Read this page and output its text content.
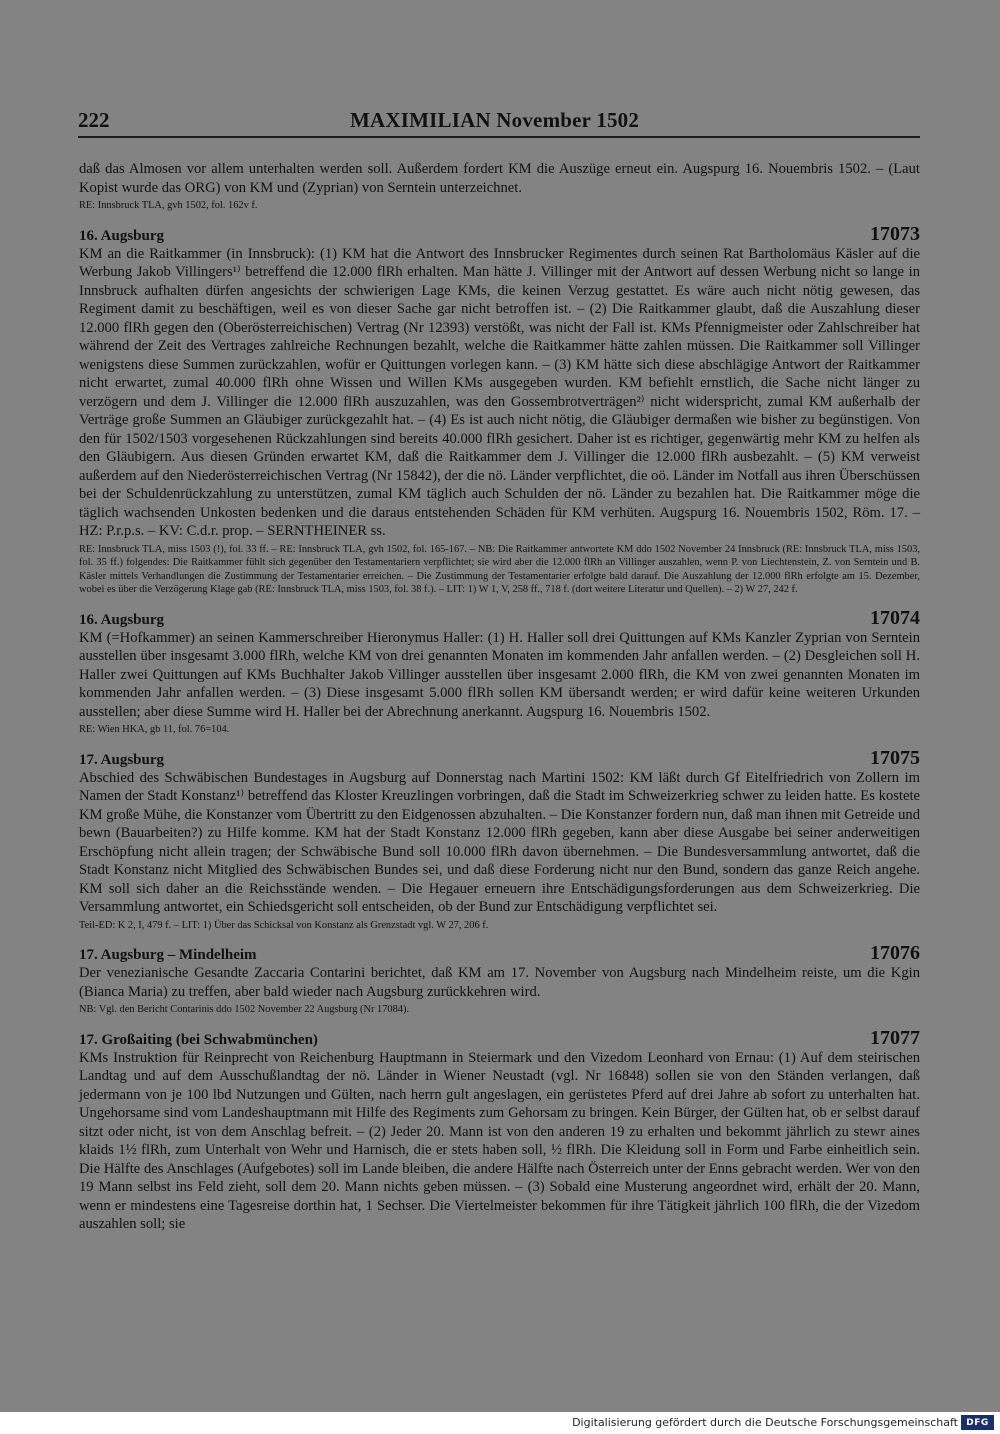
222	MAXIMILIAN November 1502

daß das Almosen vor allem unterhalten werden soll. Außerdem fordert KM die Auszüge erneut ein. Augspurg 16. Nouembris 1502. – (Laut Kopist wurde das ORG) von KM und (Zyprian) von Serntein unterzeichnet.

RE: Innsbruck TLA, gvh 1502, fol. 162v f.

16. Augsburg	17073

KM an die Raitkammer (in Innsbruck): (1) KM hat die Antwort des Innsbrucker Regimentes durch seinen Rat Bartholomäus Käsler auf die Werbung Jakob Villingers¹⁾ betreffend die 12.000 flRh erhalten. Man hätte J. Villinger mit der Antwort auf dessen Werbung nicht so lange in Innsbruck aufhalten dürfen angesichts der schwierigen Lage KMs, die keinen Verzug gestattet. Es wäre auch nicht nötig gewesen, das Regiment damit zu beschäftigen, weil es von dieser Sache gar nicht betroffen ist. – (2) Die Raitkammer glaubt, daß die Auszahlung dieser 12.000 flRh gegen den (Oberösterreichischen) Vertrag (Nr 12393) verstößt, was nicht der Fall ist. KMs Pfennigmeister oder Zahlschreiber hat während der Zeit des Vertrages zahlreiche Rechnungen bezahlt, welche die Raitkammer hätte zahlen müssen. Die Raitkammer soll Villinger wenigstens diese Summen zurückzahlen, wofür er Quittungen vorlegen kann. – (3) KM hätte sich diese abschlägige Antwort der Raitkammer nicht erwartet, zumal 40.000 flRh ohne Wissen und Willen KMs ausgegeben wurden. KM befiehlt ernstlich, die Sache nicht länger zu verzögern und dem J. Villinger die 12.000 flRh auszuzahlen, was den Gossembrotverträgen²⁾ nicht widerspricht, zumal KM außerhalb der Verträge große Summen an Gläubiger zurückgezahlt hat. – (4) Es ist auch nicht nötig, die Gläubiger dermaßen wie bisher zu begünstigen. Von den für 1502/1503 vorgesehenen Rückzahlungen sind bereits 40.000 flRh gesichert. Daher ist es richtiger, gegenwärtig mehr KM zu helfen als den Gläubigern. Aus diesen Gründen erwartet KM, daß die Raitkammer dem J. Villinger die 12.000 flRh ausbezahlt. – (5) KM verweist außerdem auf den Niederösterreichischen Vertrag (Nr 15842), der die nö. Länder verpflichtet, die oö. Länder im Notfall aus ihren Überschüssen bei der Schuldenrückzahlung zu unterstützen, zumal KM täglich auch Schulden der nö. Länder zu bezahlen hat. Die Raitkammer möge die täglich wachsenden Unkosten bedenken und die daraus entstehenden Schäden für KM verhüten. Augspurg 16. Nouembris 1502, Röm. 17. – HZ: P.r.p.s. – KV: C.d.r. prop. – SERNTHEINER ss.

RE: Innsbruck TLA, miss 1503 (!), fol. 33 ff. – RE: Innsbruck TLA, gvh 1502, fol. 165-167. – NB: Die Raitkammer antwortete KM ddo 1502 November 24 Innsbruck (RE: Innsbruck TLA, miss 1503, fol. 35 ff.) folgendes: Die Raitkammer fühlt sich gegenüber den Testamentariern verpflichtet; sie wird aber die 12.000 flRh an Villinger auszahlen, wenn P. von Liechtenstein, Z. von Serntein und B. Käsler mittels Verhandlungen die Zustimmung der Testamentarier erreichen. – Die Zustimmung der Testamentarier erfolgte bald darauf. Die Auszahlung der 12.000 flRh erfolgte am 15. Dezember, wobei es über die Verzögerung Klage gab (RE: Innsbruck TLA, miss 1503, fol. 38 f.). – LIT: 1) W 1, V, 258 ff., 718 f. (dort weitere Literatur und Quellen). – 2) W 27, 242 f.

16. Augsburg	17074

KM (=Hofkammer) an seinen Kammerschreiber Hieronymus Haller: (1) H. Haller soll drei Quittungen auf KMs Kanzler Zyprian von Serntein ausstellen über insgesamt 3.000 flRh, welche KM von drei genannten Monaten im kommenden Jahr anfallen werden. – (2) Desgleichen soll H. Haller zwei Quittungen auf KMs Buchhalter Jakob Villinger ausstellen über insgesamt 2.000 flRh, die KM von zwei genannten Monaten im kommenden Jahr anfallen werden. – (3) Diese insgesamt 5.000 flRh sollen KM übersandt werden; er wird dafür keine weiteren Urkunden ausstellen; aber diese Summe wird H. Haller bei der Abrechnung anerkannt. Augspurg 16. Nouembris 1502.

RE: Wien HKA, gb 11, fol. 76=104.

17. Augsburg	17075

Abschied des Schwäbischen Bundestages in Augsburg auf Donnerstag nach Martini 1502: KM läßt durch Gf Eitelfriedrich von Zollern im Namen der Stadt Konstanz¹⁾ betreffend das Kloster Kreuzlingen vorbringen, daß die Stadt im Schweizerkrieg schwer zu leiden hatte. Es kostete KM große Mühe, die Konstanzer vom Übertritt zu den Eidgenossen abzuhalten. – Die Konstanzer fordern nun, daß man ihnen mit Getreide und bewn (Bauarbeiten?) zu Hilfe komme. KM hat der Stadt Konstanz 12.000 flRh gegeben, kann aber diese Ausgabe bei seiner anderweitigen Erschöpfung nicht allein tragen; der Schwäbische Bund soll 10.000 flRh davon übernehmen. – Die Bundesversammlung antwortet, daß die Stadt Konstanz nicht Mitglied des Schwäbischen Bundes sei, und daß diese Forderung nicht nur den Bund, sondern das ganze Reich angehe. KM soll sich daher an die Reichsstände wenden. – Die Hegauer erneuern ihre Entschädigungsforderungen aus dem Schweizerkrieg. Die Versammlung antwortet, ein Schiedsgericht soll entscheiden, ob der Bund zur Entschädigung verpflichtet sei.

Teil-ED: K 2, I, 479 f. – LIT: 1) Über das Schicksal von Konstanz als Grenzstadt vgl. W 27, 206 f.

17. Augsburg – Mindelheim	17076

Der venezianische Gesandte Zaccaria Contarini berichtet, daß KM am 17. November von Augsburg nach Mindelheim reiste, um die Kgin (Bianca Maria) zu treffen, aber bald wieder nach Augsburg zurückkehren wird.

NB: Vgl. den Bericht Contarinis ddo 1502 November 22 Augsburg (Nr 17084).

17. Großaiting (bei Schwabmünchen)	17077

KMs Instruktion für Reinprecht von Reichenburg Hauptmann in Steiermark und den Vizedom Leonhard von Ernau: (1) Auf dem steirischen Landtag und auf dem Ausschußlandtag der nö. Länder in Wiener Neustadt (vgl. Nr 16848) sollen sie von den Ständen verlangen, daß jedermann von je 100 lbd Nutzungen und Gülten, nach herrn gult angeslagen, ein gerüstetes Pferd auf drei Jahre ab sofort zu unterhalten hat. Ungehorsame sind vom Landeshauptmann mit Hilfe des Regiments zum Gehorsam zu bringen. Kein Bürger, der Gülten hat, ob er selbst darauf sitzt oder nicht, ist von dem Anschlag befreit. – (2) Jeder 20. Mann ist von den anderen 19 zu erhalten und bekommt jährlich zu stewr aines klaids 1½ flRh, zum Unterhalt von Wehr und Harnisch, die er stets haben soll, ½ flRh. Die Kleidung soll in Form und Farbe einheitlich sein. Die Hälfte des Anschlages (Aufgebotes) soll im Lande bleiben, die andere Hälfte nach Österreich unter der Enns gebracht werden. Wer von den 19 Mann selbst ins Feld zieht, soll dem 20. Mann nichts geben müssen. – (3) Sobald eine Musterung angeordnet wird, erhält der 20. Mann, wenn er mindestens eine Tagesreise dorthin hat, 1 Sechser. Die Viertelmeister bekommen für ihre Tätigkeit jährlich 100 flRh, die der Vizedom auszahlen soll; sie

Digitalisierung gefördert durch die Deutsche Forschungsgemeinschaft DFG
